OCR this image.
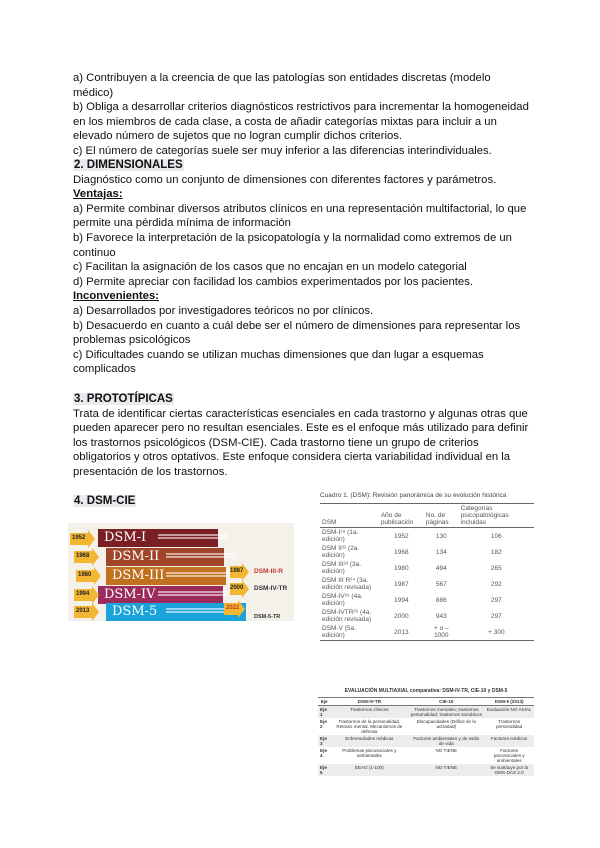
a) Contribuyen a la creencia de que las patologías son entidades discretas (modelo médico)

b) Obliga a desarrollar criterios diagnósticos restrictivos para incrementar la homogeneidad en los miembros de cada clase, a costa de añadir categorías mixtas para incluir a un elevado número de sujetos que no logran cumplir dichos criterios.

c) El número de categorías suele ser muy inferior a las diferencias interindividuales.

2. DIMENSIONALES

Diagnóstico como un conjunto de dimensiones con diferentes factores y parámetros.

Ventajas:

a) Permite combinar diversos atributos clínicos en una representación multifactorial, lo que permite una pérdida mínima de información

b) Favorece la interpretación de la psicopatología y la normalidad como extremos de un continuo

c) Facilitan la asignación de los casos que no encajan en un modelo categorial

d) Permite apreciar con facilidad los cambios experimentados por los pacientes.

Inconvenientes:

a) Desarrollados por investigadores teóricos no por clínicos.

b) Desacuerdo en cuanto a cuál debe ser el número de dimensiones para representar los problemas psicológicos

c) Dificultades cuando se utilizan muchas dimensiones que dan lugar a esquemas complicados

3. PROTOTÍPICAS

Trata de identificar ciertas características esenciales en cada trastorno y algunas otras que pueden aparecer pero no resultan esenciales. Este es el enfoque más utilizado para definir los trastornos psicológicos (DSM-CIE). Cada trastorno tiene un grupo de criterios obligatorios y otros optativos. Este enfoque considera cierta variabilidad individual en la presentación de los trastornos.

4. DSM-CIE
DSM-I
DSM-II
DSM-III
DSM-IV
DSM-5
1952
1968
1980
1994
2013
1987 DSM-III-R
2000 DSM-IV-TR
2022
DSM-5-TR
Cuadro 1. (DSM): Revisión panorámica de su evolución histórica
DSM	Año de publicación	No. de páginas	Categorías psicopatológicas incluidas
DSM-I¹⁸ (1a. edición)	1952	130	106
DSM II²² (2a. edición)	1968	134	182
DSM III²³ (3a. edición)	1980	494	265
DSM III R²⁴ (3a. edición revisada)	1987	567	292
DSM-IV²⁵ (4a. edición)	1994	886	297
DSM-IVTR²⁶ (4a. edición revisada)	2000	943	297
DSM-V (5a. edición)	2013	+ o – 1000	+ 300
EVALUACIÓN MULTIAXIAL comparativa: DSM-IV-TR, CIE-10 y DSM-5
Eje	DSM-IV-TR	CIE-10	DSM-5 (2013)
Eje 1	Trastornos clínicos	Trastornos mentales; trastornos personalidad; trastornos somáticos	Evaluación NO AXIAL
Eje 2	Trastornos de la personalidad. Retraso mental. Mecanismos de defensa	Discapacidades (Déficit de la actividad)	Trastornos personalidad
Eje 3	Enfermedades médicas	Factores ambientales y de estilo de vida	Factores médicos
Eje 4	Problemas psicosociales y ambientales	NO TIENE	Factores psicosociales y ambientales
Eje 5	EEAG (1-100)	NO TIENE	Se sustituye por la OMS-DAS 2.0
